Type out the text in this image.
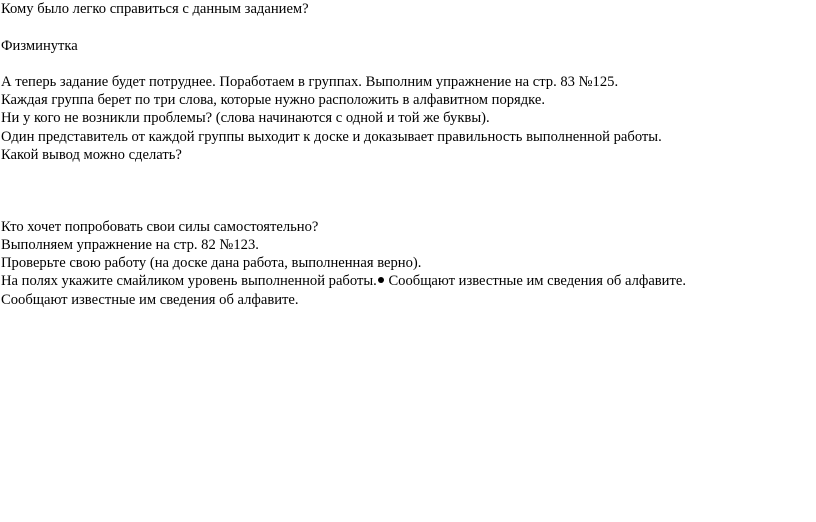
Кому было легко справиться с данным заданием?
Физминутка
А теперь задание будет потруднее. Поработаем в группах. Выполним упражнение на стр. 83 №125.
Каждая группа берет по три слова, которые нужно расположить в алфавитном порядке.
Ни у кого не возникли проблемы? (слова начинаются с одной и той же буквы).
Один представитель от каждой группы выходит к доске и доказывает правильность выполненной работы.
Какой вывод можно сделать?
Кто хочет попробовать свои силы самостоятельно?
Выполняем упражнение на стр. 82 №123.
Проверьте свою работу (на доске дана работа, выполненная верно).
На полях укажите смайликом уровень выполненной работы. Сообщают известные им сведения об алфавите.
Сообщают известные им сведения об алфавите.
